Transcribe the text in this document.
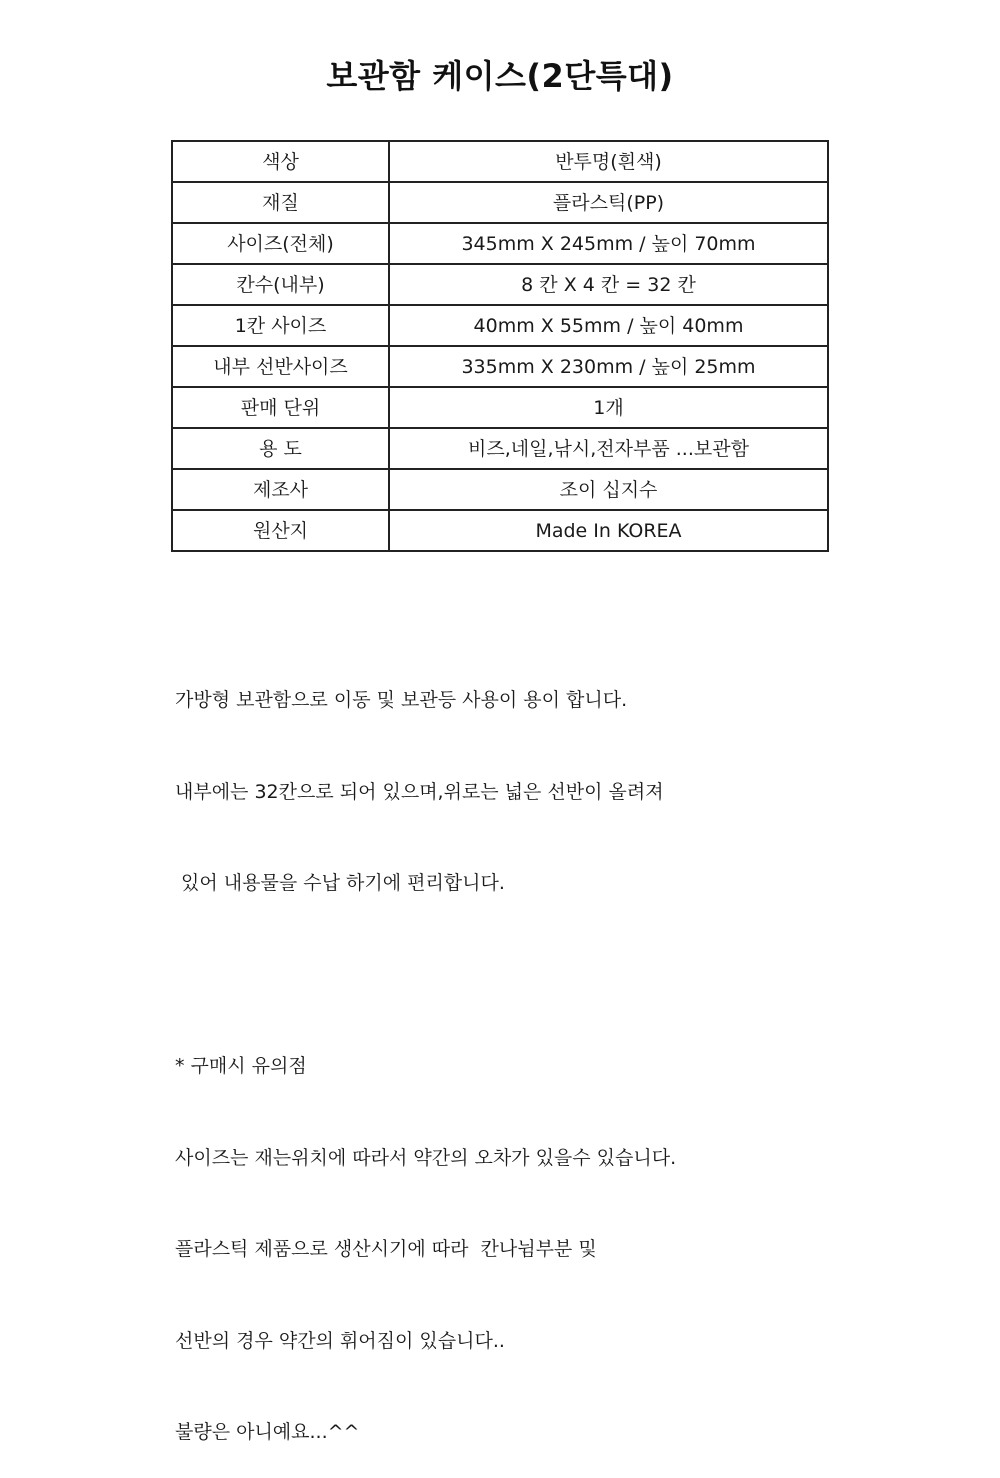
보관함 케이스(2단특대)
색상	반투명(흰색)
재질	플라스틱(PP)
사이즈(전체)	345mm X 245mm / 높이 70mm
칸수(내부)	8 칸 X 4 칸 = 32 칸
1칸 사이즈	40mm X 55mm / 높이 40mm
내부 선반사이즈	335mm X 230mm / 높이 25mm
판매 단위	1개
용 도	비즈,네일,낚시,전자부품 ...보관함
제조사	조이 십지수
원산지	Made In KOREA

가방형 보관함으로 이동 및 보관등 사용이 용이 합니다.

내부에는 32칸으로 되어 있으며,위로는 넓은 선반이 올려져

있어 내용물을 수납 하기에 편리합니다.

* 구매시 유의점

사이즈는 재는위치에 따라서 약간의 오차가 있을수 있습니다.

플라스틱 제품으로 생산시기에 따라  칸나뉨부분 및

선반의 경우 약간의 휘어짐이 있습니다..

불량은 아니예요...^^
